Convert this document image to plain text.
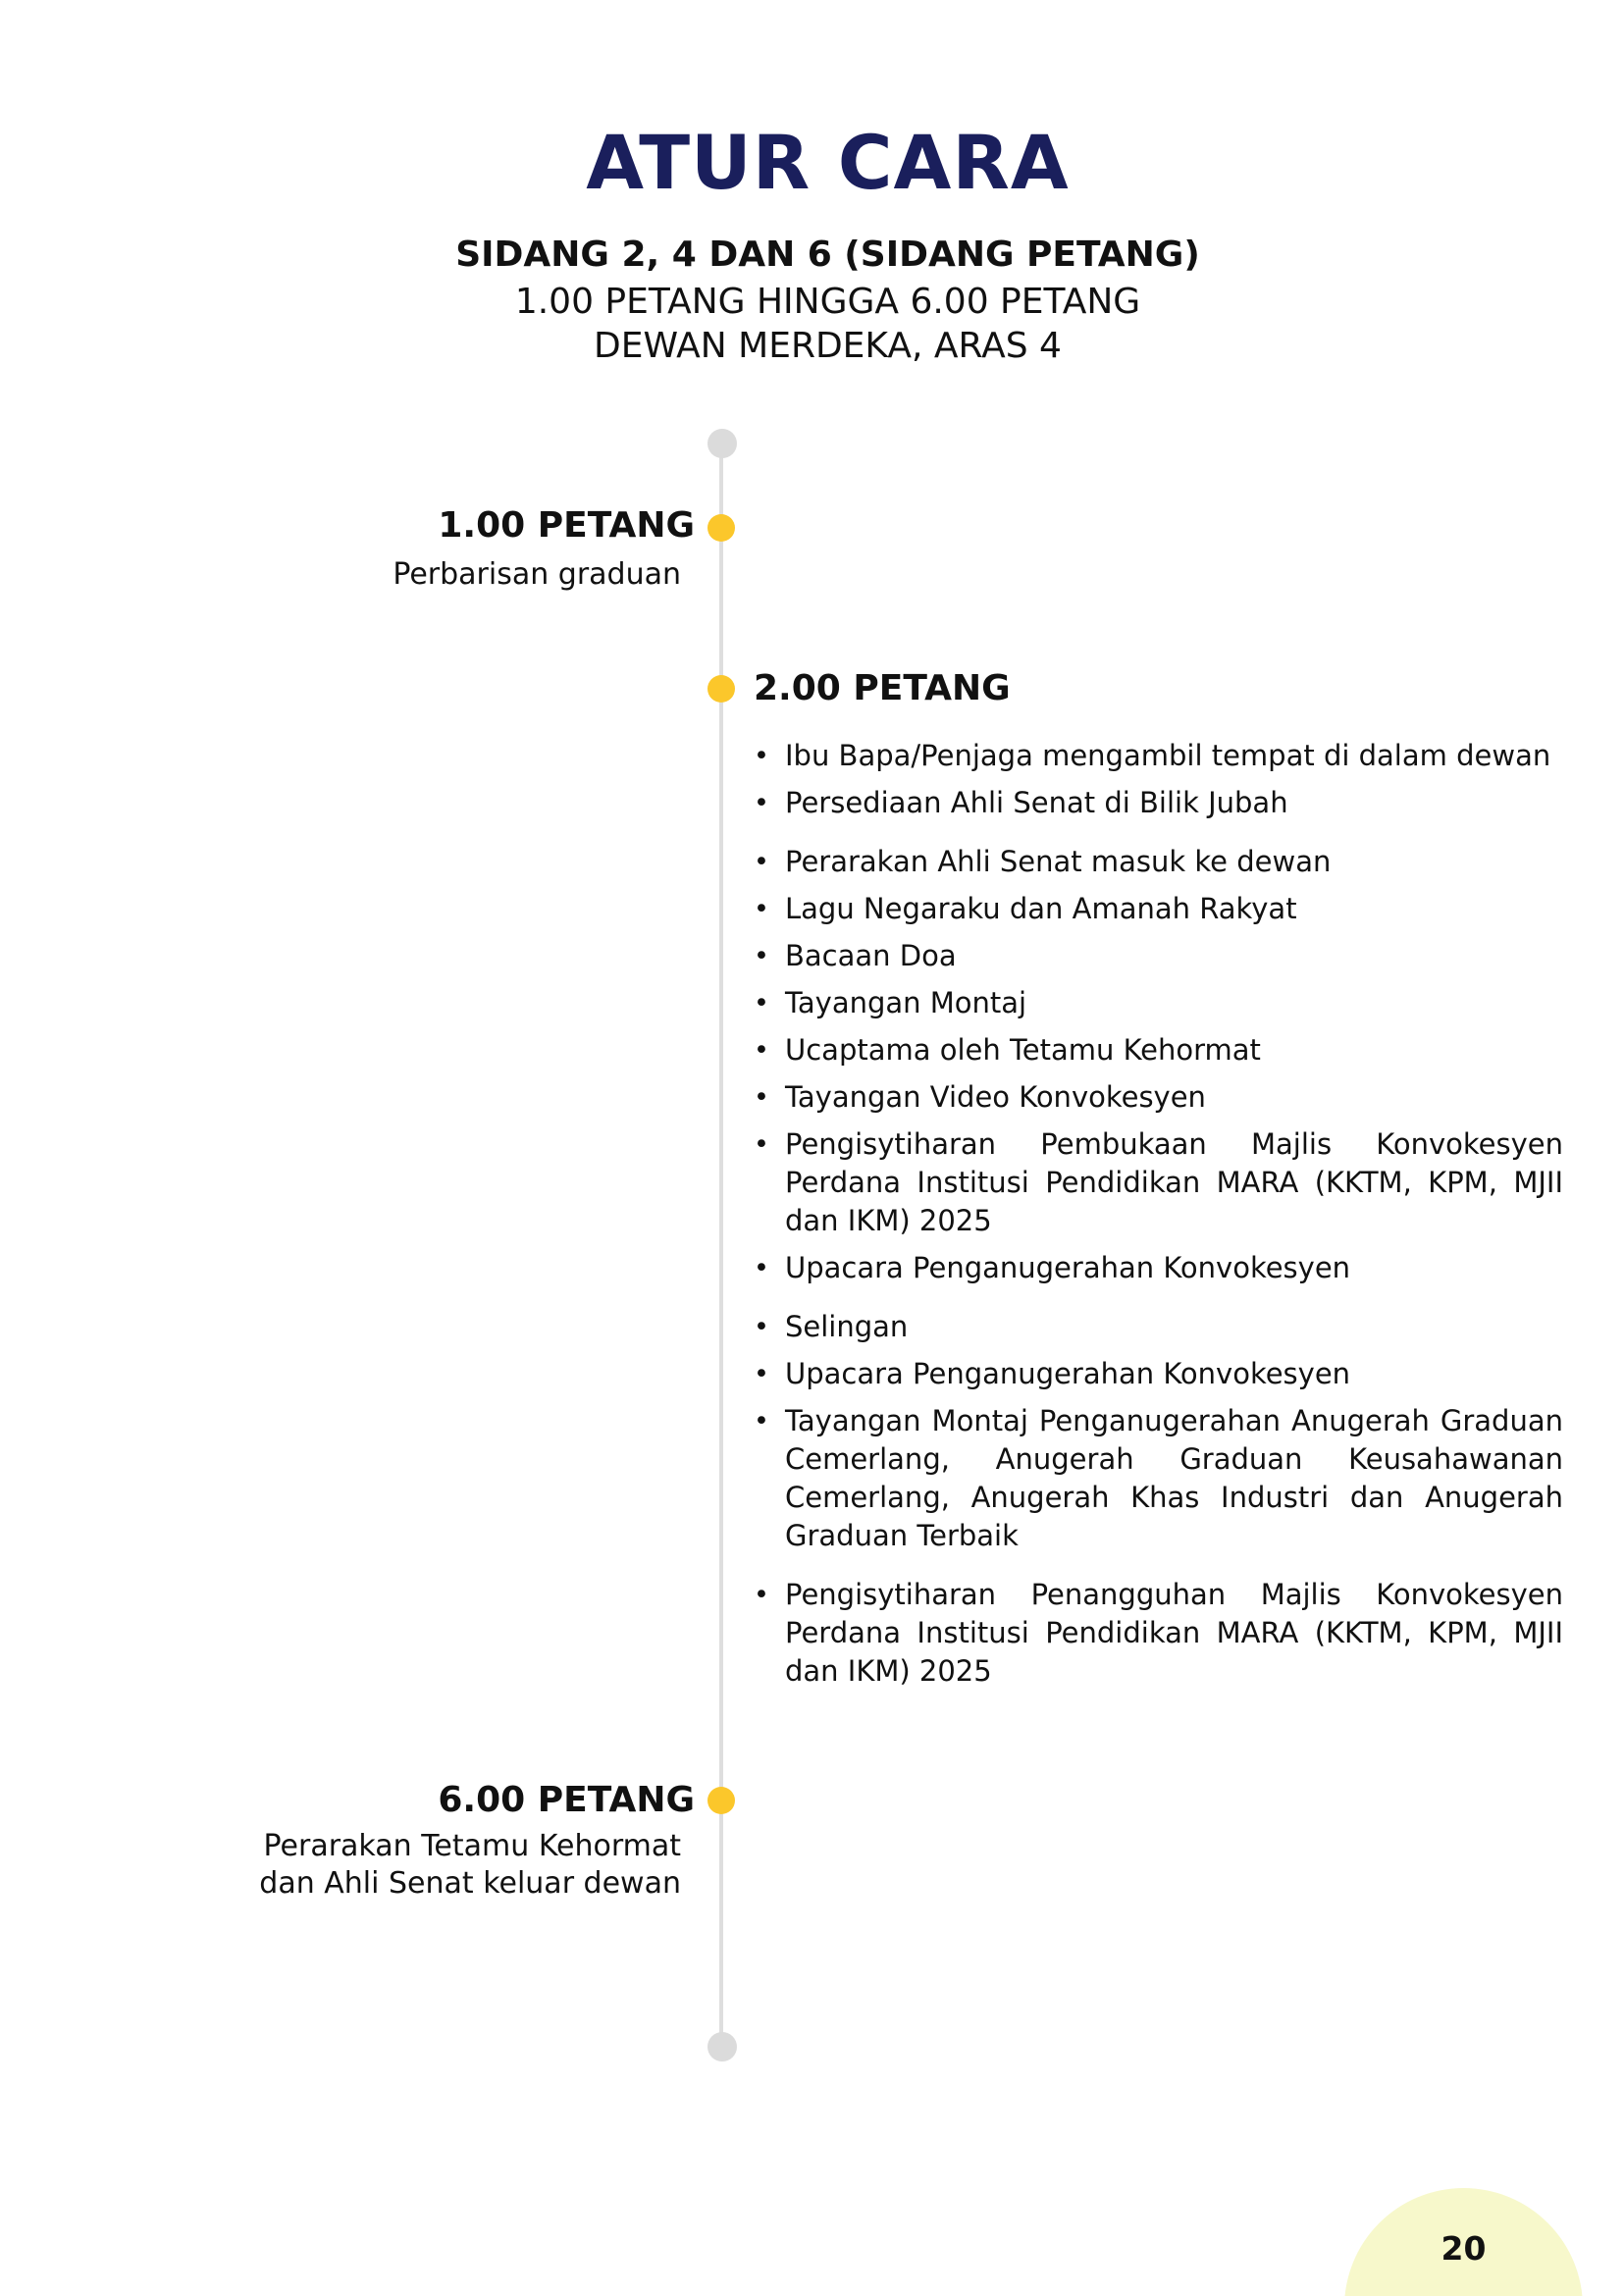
ATUR CARA
SIDANG 2, 4 DAN 6 (SIDANG PETANG)
1.00 PETANG HINGGA 6.00 PETANG
DEWAN MERDEKA, ARAS 4
1.00 PETANG

Perbarisan graduan

2.00 PETANG
• Ibu Bapa/Penjaga mengambil tempat di dalam dewan
• Persediaan Ahli Senat di Bilik Jubah
• Perarakan Ahli Senat masuk ke dewan
• Lagu Negaraku dan Amanah Rakyat
• Bacaan Doa
• Tayangan Montaj
• Ucaptama oleh Tetamu Kehormat
• Tayangan Video Konvokesyen
• Pengisytiharan Pembukaan Majlis Konvokesyen Perdana Institusi Pendidikan MARA (KKTM, KPM, MJII dan IKM) 2025
• Upacara Penganugerahan Konvokesyen
• Selingan
• Upacara Penganugerahan Konvokesyen
• Tayangan Montaj Penganugerahan Anugerah Graduan Cemerlang, Anugerah Graduan Keusahawanan Cemerlang, Anugerah Khas Industri dan Anugerah Graduan Terbaik
• Pengisytiharan Penangguhan Majlis Konvokesyen Perdana Institusi Pendidikan MARA (KKTM, KPM, MJII dan IKM) 2025
6.00 PETANG

Perarakan Tetamu Kehormat

dan Ahli Senat keluar dewan

20
